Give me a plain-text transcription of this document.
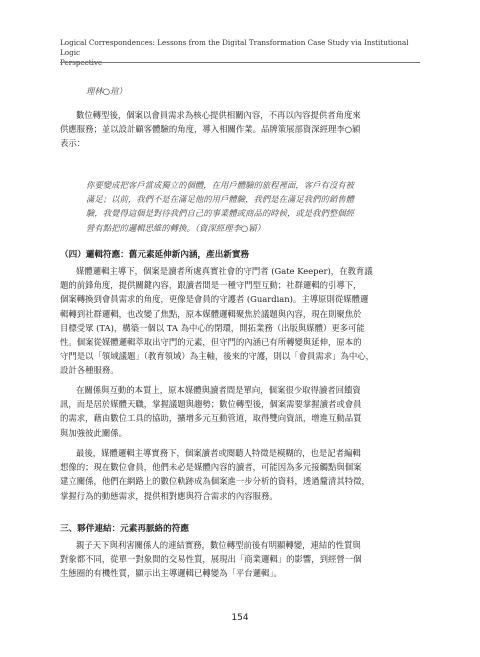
Logical Correspondences: Lessons from the Digital Transformation Case Study via Institutional Logic
Perspective

理林○瑄）

數位轉型後，個案以會員需求為核心提供相關內容，不再以內容提供者角度來
供應服務；並以設計顧客體驗的角度，導入相關作業。品牌策展部資深經理李○穎
表示：
你要變成把客戶當成獨立的個體，在用戶體驗的旅程裡面，客戶有沒有被
滿足；以前，我們不是在滿足他的用戶體驗，我們是在滿足我們的銷售體
驗，我覺得這個是對待我們自己的事業體或商品的時候，或是我們整個經
營有點把的邏輯思維的轉換。（資深經理李○穎）
（四）邏輯符應：舊元素延伸新內涵，產出新實務
媒體邏輯主導下，個案是讀者所處真實社會的守門者 (Gate Keeper)，在教育議
題的前鋒角度，提供關鍵內容，跟讀者間是一種守門型互動；社群邏輯的引導下，
個案轉換到會員需求的角度，更像是會員的守護者 (Guardian)。主導原則從媒體邏
輯轉到社群邏輯，也改變了焦點，原本媒體邏輯聚焦於議題與內容，現在則聚焦於
目標受眾 (TA)，構築一個以 TA 為中心的閉環，開拓業務（出版與媒體）更多可能
性。個案從媒體邏輯萃取出守門的元素，但守門的內涵已有所轉變與延伸，原本的
守門是以「領域議題」（教育領域）為主軸，後來的守護，則以「會員需求」為中心，
設計各種服務。
在關係與互動的本質上，原本媒體與讀者間是單向，個案很少取得讀者回饋資
訊，而是居於媒體天職，掌握議題與趨勢；數位轉型後，個案需要掌握讀者或會員
的需求，藉由數位工具的協助，擴增多元互動管道，取得雙向資訊，增進互動品質
與加強彼此關係。
最後，媒體邏輯主導實務下，個案讀者或閱聽人特徵是模糊的，也是記者編輯
想像的；現在數位會員，他們未必是媒體內容的讀者，可能因為多元接觸點與個案
建立關係，他們在網路上的數位軌跡成為個案進一步分析的資料，透過釐清其特徵，
掌握行為的動態需求，提供相對應與符合需求的內容服務。
三、夥伴連結：元素再脈絡的符應
親子天下與利害關係人的連結實務，數位轉型前後有明顯轉變，連結的性質與
對象都不同，從單一對象間的交易性質，展現出「商業邏輯」的影響，到經營一個
生態圈的有機性質，顯示出主導邏輯已轉變為「平台邏輯」。
154
